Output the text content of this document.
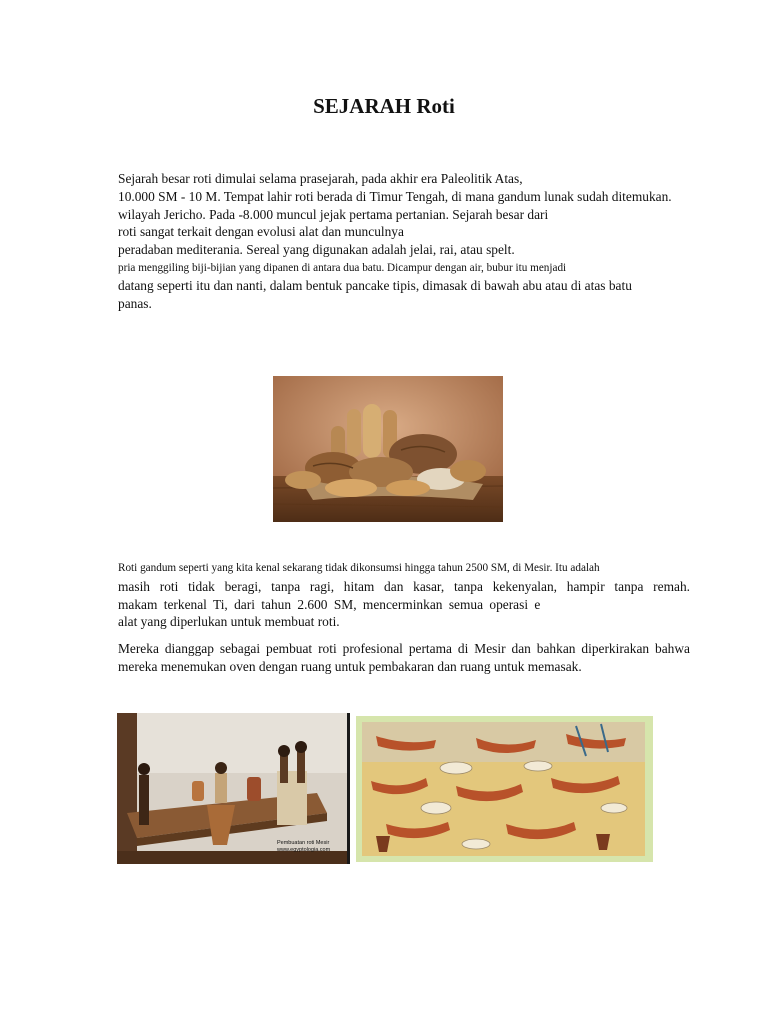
SEJARAH Roti

Sejarah besar roti dimulai selama prasejarah, pada akhir era Paleolitik Atas,

10.000 SM - 10 M. Tempat lahir roti berada di Timur Tengah, di mana gandum lunak sudah ditemukan.

wilayah Jericho. Pada -8.000 muncul jejak pertama pertanian. Sejarah besar dari

roti sangat terkait dengan evolusi alat dan munculnya

peradaban mediterania. Sereal yang digunakan adalah jelai, rai, atau spelt.

pria menggiling biji-bijian yang dipanen di antara dua batu. Dicampur dengan air, bubur itu menjadi

datang seperti itu dan nanti, dalam bentuk pancake tipis, dimasak di bawah abu atau di atas batu

panas.

Roti gandum seperti yang kita kenal sekarang tidak dikonsumsi hingga tahun 2500 SM, di Mesir. Itu adalah

masih roti tidak beragi, tanpa ragi, hitam dan kasar, tanpa kekenyalan, hampir tanpa remah.

makam terkenal Ti, dari tahun 2.600 SM, mencerminkan semua operasi e

alat yang diperlukan untuk membuat roti.

Mereka dianggap sebagai pembuat roti profesional pertama di Mesir dan bahkan diperkirakan bahwa

mereka menemukan oven dengan ruang untuk pembakaran dan ruang untuk memasak.

Pembuatan roti Mesir
www.egyptologia.com
